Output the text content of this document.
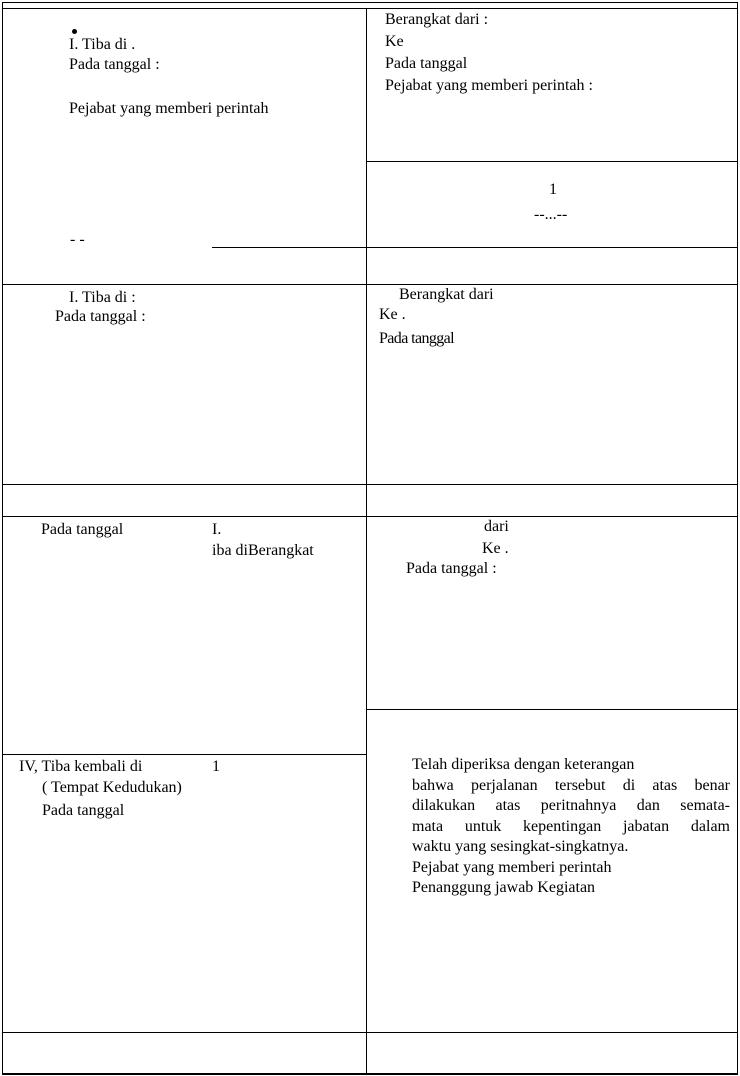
I. Tiba di .
Pada tanggal :
Pejabat yang memberi perintah
- -
Berangkat dari :
Ke
Pada tanggal
Pejabat yang memberi perintah :
1
--...--
I. Tiba di :
Pada tanggal :
Berangkat dari
Ke .
Pada tanggal
Pada tanggal	I.
iba diBerangkat
dari
Ke .
Pada tanggal :
IV, Tiba kembali di
( Tempat Kedudukan)
Pada tanggal
1	Telah diperiksa dengan keterangan
bahwa perjalanan tersebut di atas benar
dilakukan atas peritnahnya dan semata-
mata untuk kepentingan jabatan dalam
waktu yang sesingkat-singkatnya.
Pejabat yang memberi perintah
Penanggung jawab Kegiatan
